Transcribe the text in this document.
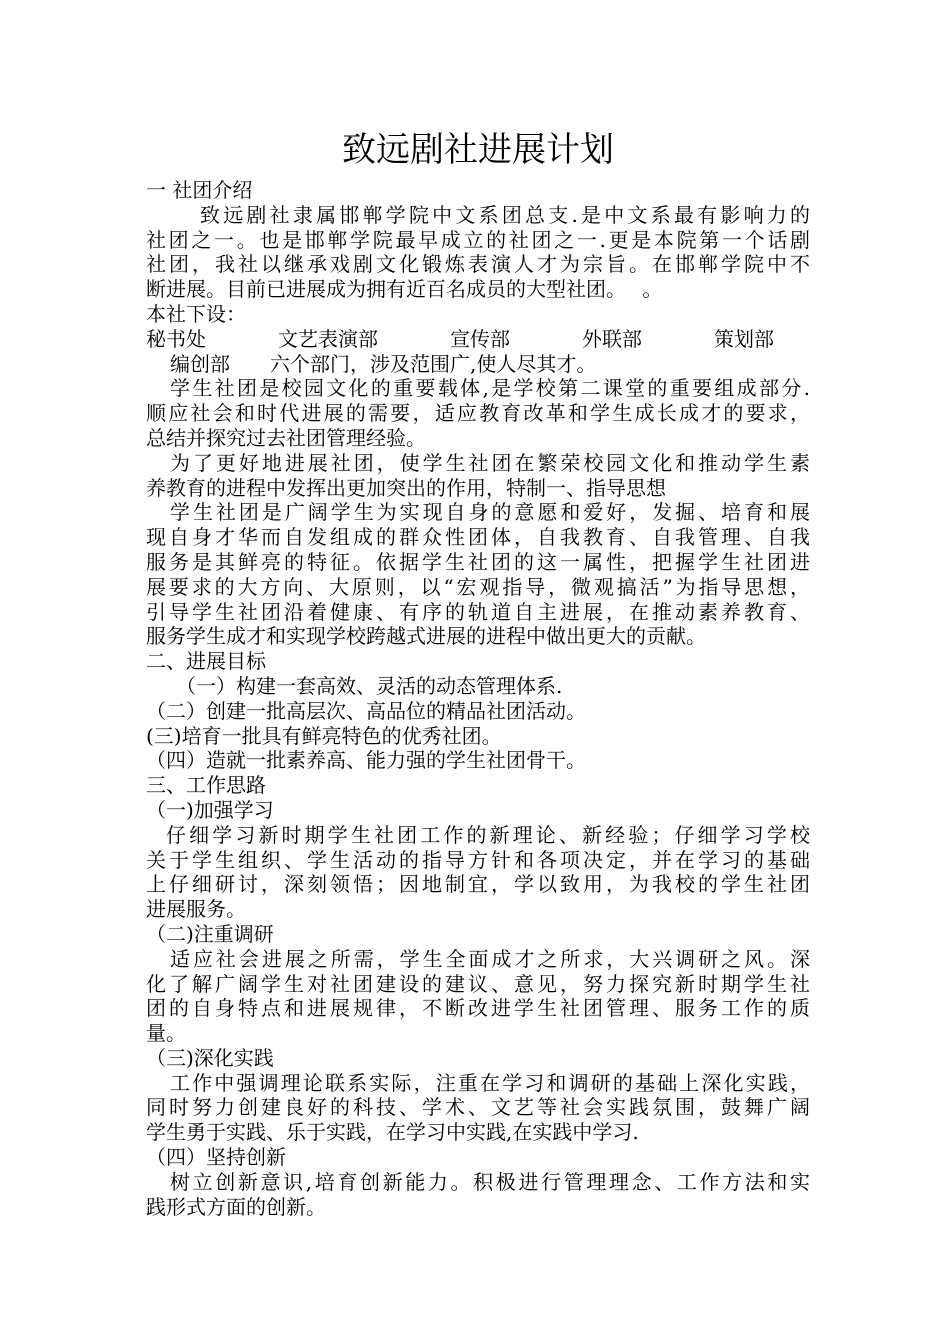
致远剧社进展计划

一 社团介绍

致远剧社隶属邯郸学院中文系团总支.是中文系最有影响力的

社团之一。也是邯郸学院最早成立的社团之一.更是本院第一个话剧

社团，我社以继承戏剧文化锻炼表演人才为宗旨。在邯郸学院中不

断进展。目前已进展成为拥有近百名成员的大型社团。　 。

本社下设：

秘书处	文艺表演部	宣传部	外联部	策划部

编创部　　六个部门，涉及范围广,使人尽其才。

学生社团是校园文化的重要载体,是学校第二课堂的重要组成部分.

顺应社会和时代进展的需要，适应教育改革和学生成长成才的要求，

总结并探究过去社团管理经验。

为了更好地进展社团，使学生社团在繁荣校园文化和推动学生素

养教育的进程中发挥出更加突出的作用，特制一、指导思想

学生社团是广阔学生为实现自身的意愿和爱好，发掘、培育和展

现自身才华而自发组成的群众性团体，自我教育、自我管理、自我

服务是其鲜亮的特征。依据学生社团的这一属性，把握学生社团进

展要求的大方向、大原则，以“宏观指导，微观搞活”为指导思想，

引导学生社团沿着健康、有序的轨道自主进展，在推动素养教育、

服务学生成才和实现学校跨越式进展的进程中做出更大的贡献。

二、进展目标

（一）构建一套高效、灵活的动态管理体系.

（二）创建一批高层次、高品位的精品社团活动。

(三)培育一批具有鲜亮特色的优秀社团。

（四）造就一批素养高、能力强的学生社团骨干。

三、工作思路

（一)加强学习

仔细学习新时期学生社团工作的新理论、新经验；仔细学习学校

关于学生组织、学生活动的指导方针和各项决定，并在学习的基础

上仔细研讨，深刻领悟；因地制宜，学以致用，为我校的学生社团

进展服务。

（二)注重调研

适应社会进展之所需，学生全面成才之所求，大兴调研之风。深

化了解广阔学生对社团建设的建议、意见，努力探究新时期学生社

团的自身特点和进展规律，不断改进学生社团管理、服务工作的质

量。

（三)深化实践

工作中强调理论联系实际，注重在学习和调研的基础上深化实践，

同时努力创建良好的科技、学术、文艺等社会实践氛围，鼓舞广阔

学生勇于实践、乐于实践，在学习中实践,在实践中学习.

（四）坚持创新

树立创新意识,培育创新能力。积极进行管理理念、工作方法和实

践形式方面的创新。
